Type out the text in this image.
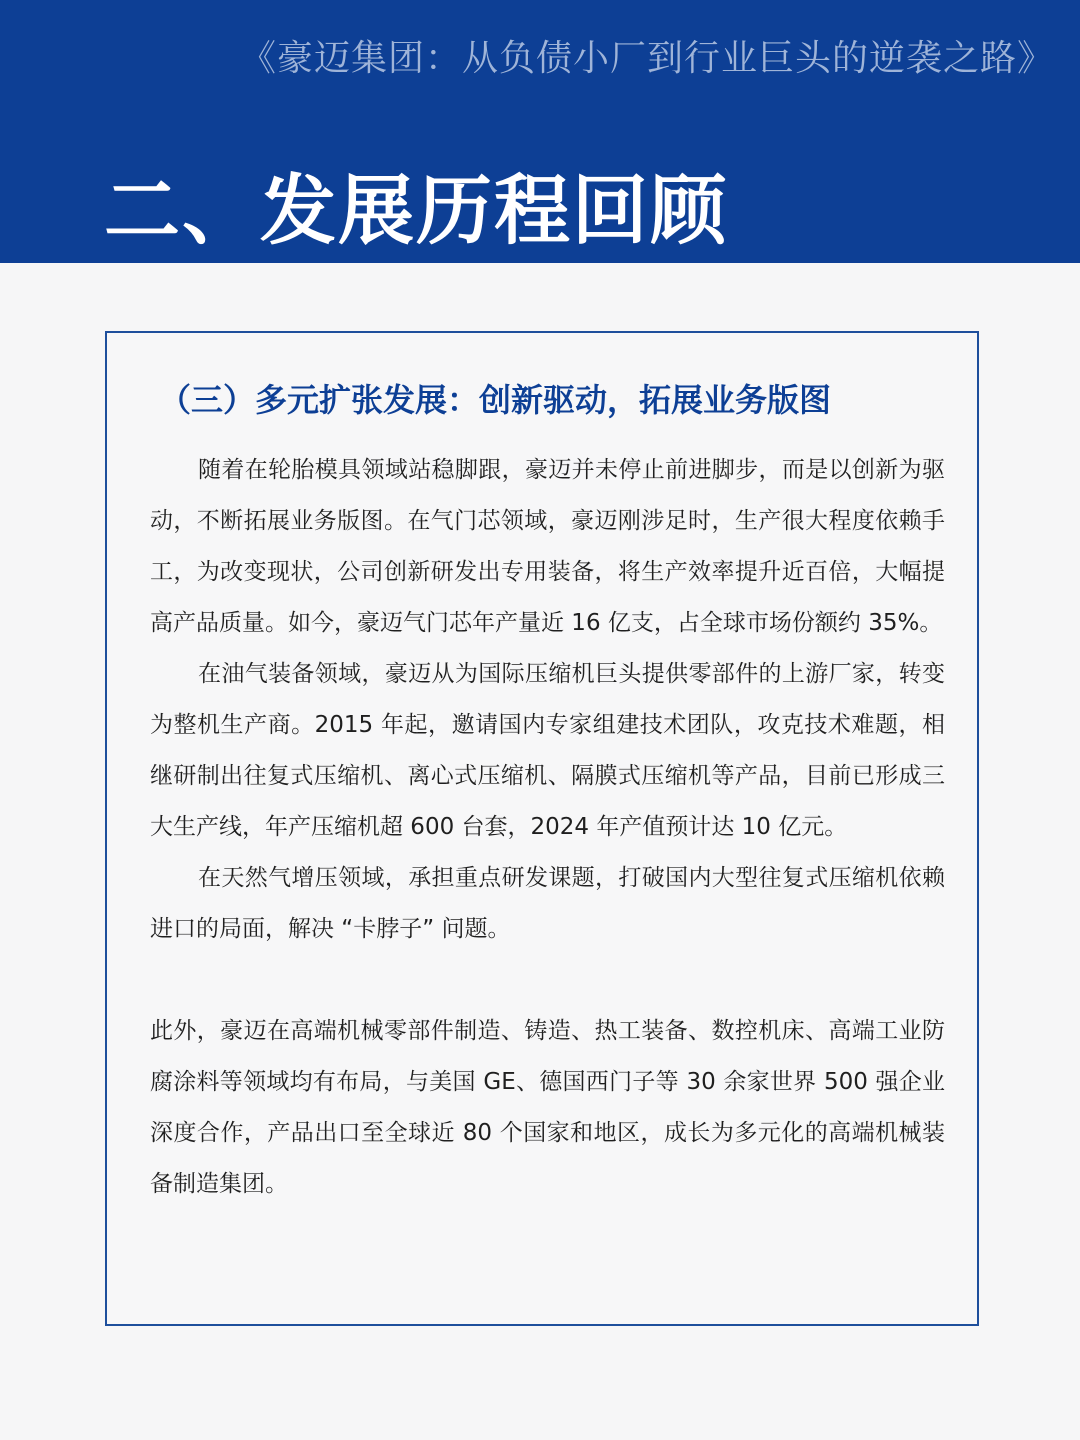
《豪迈集团：从负债小厂到行业巨头的逆袭之路》
二、发展历程回顾
（三）多元扩张发展：创新驱动，拓展业务版图

随着在轮胎模具领域站稳脚跟，豪迈并未停止前进脚步，而是以创新为驱动，不断拓展业务版图。在气门芯领域，豪迈刚涉足时，生产很大程度依赖手工，为改变现状，公司创新研发出专用装备，将生产效率提升近百倍，大幅提高产品质量。如今，豪迈气门芯年产量近 16 亿支，占全球市场份额约 35%。

在油气装备领域，豪迈从为国际压缩机巨头提供零部件的上游厂家，转变为整机生产商。2015 年起，邀请国内专家组建技术团队，攻克技术难题，相继研制出往复式压缩机、离心式压缩机、隔膜式压缩机等产品，目前已形成三大生产线，年产压缩机超 600 台套，2024 年产值预计达 10 亿元。

在天然气增压领域，承担重点研发课题，打破国内大型往复式压缩机依赖进口的局面，解决 “卡脖子” 问题。

此外，豪迈在高端机械零部件制造、铸造、热工装备、数控机床、高端工业防腐涂料等领域均有布局，与美国 GE、德国西门子等 30 余家世界 500 强企业深度合作，产品出口至全球近 80 个国家和地区，成长为多元化的高端机械装备制造集团。
